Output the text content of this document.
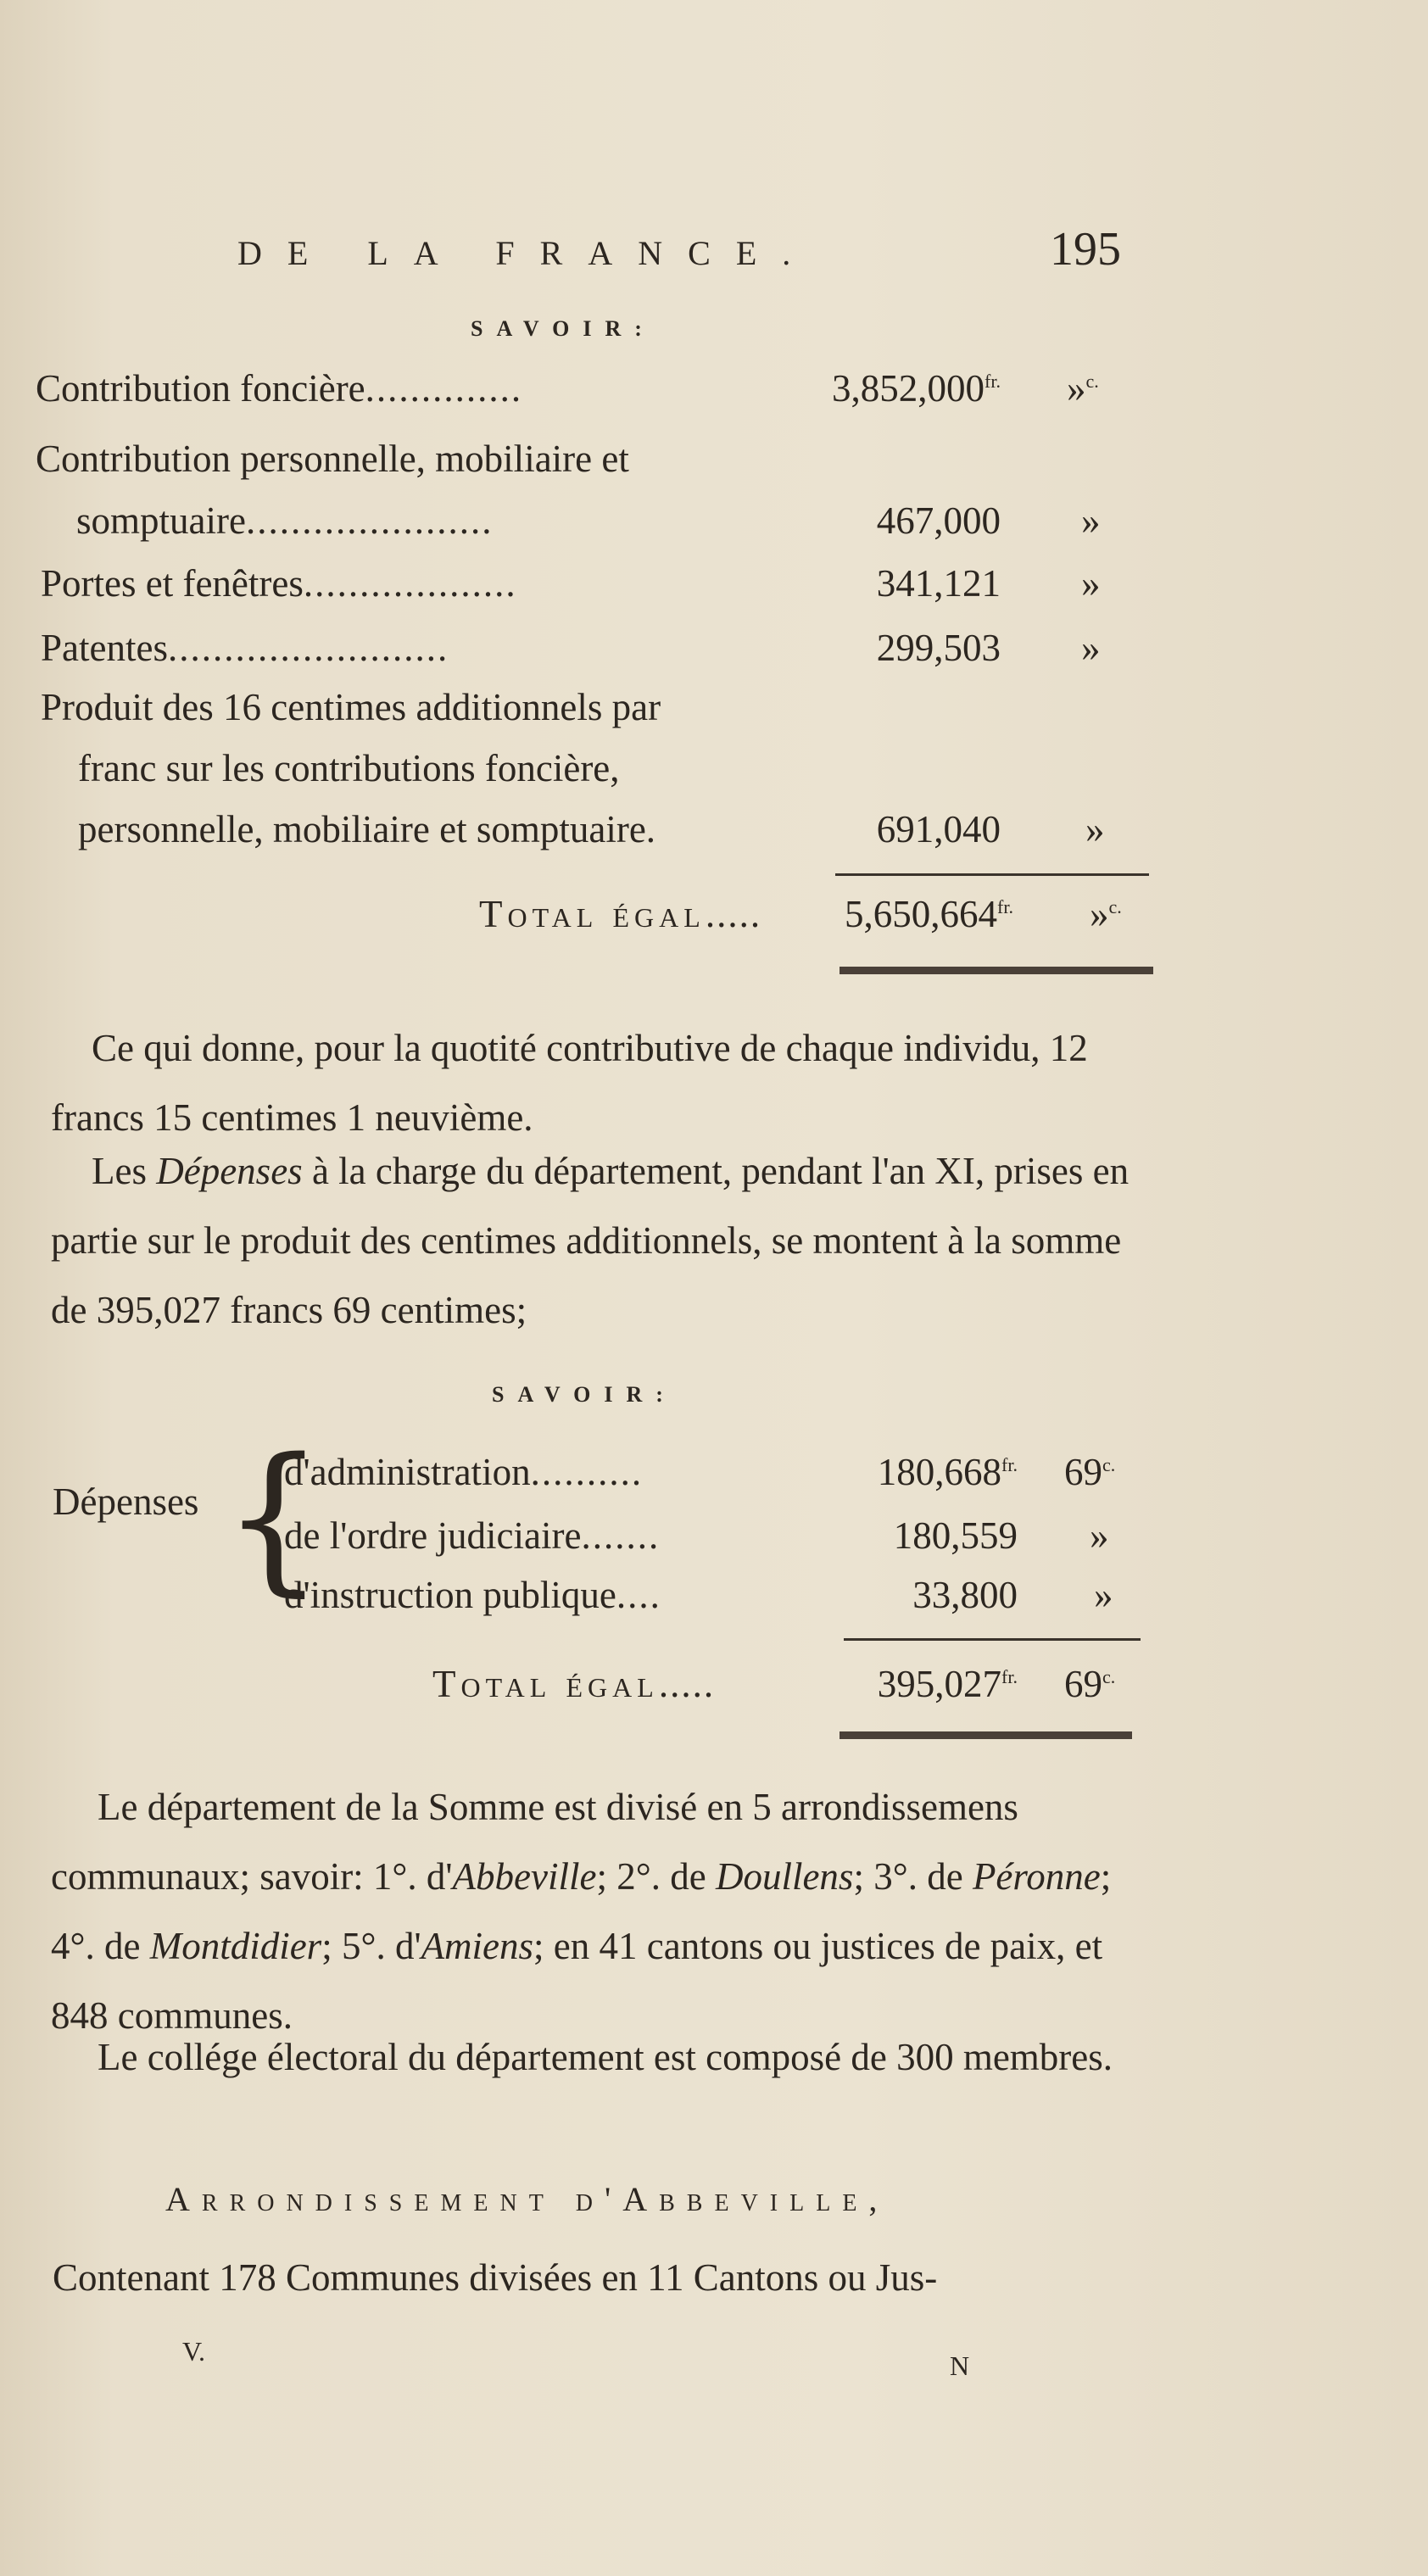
DE LA FRANCE.	195
SAVOIR:
Contribution foncière..............	$3,852,000^{fr.}$ »$^{c.}$
Contribution personnelle, mobiliaire et
somptuaire......................	467,000 »
Portes et fenêtres...................	341,121 »
Patentes.........................	299,503 »
Produit des 16 centimes additionnels par
franc sur les contributions foncière,
personnelle, mobiliaire et somptuaire.	691,040 »
Total égal.....	$5,650,664^{fr.}$ »$^{c.}$
Ce qui donne, pour la quotité contributive de chaque individu, 12 francs 15 centimes 1 neuvième.
Les Dépenses à la charge du département, pendant l'an XI, prises en partie sur le produit des centimes additionnels, se montent à la somme de 395,027 francs 69 centimes;
SAVOIR:
Dépenses {
d'administration..........	$180,668^{fr.}$ $69^{c.}$
de l'ordre judiciaire.......	180,559 »
d'instruction publique....	33,800 »
Total égal.....	$395,027^{fr.}$ $69^{c.}$
Le département de la Somme est divisé en 5 arrondissemens communaux; savoir: 1°. d'Abbeville; 2°. de Doullens; 3°. de Péronne; 4°. de Montdidier; 5°. d'Amiens; en 41 cantons ou justices de paix, et 848 communes.
Le collége électoral du département est composé de 300 membres.
Arrondissement d'Abbeville,
Contenant 178 Communes divisées en 11 Cantons ou Jus-
V.	N
